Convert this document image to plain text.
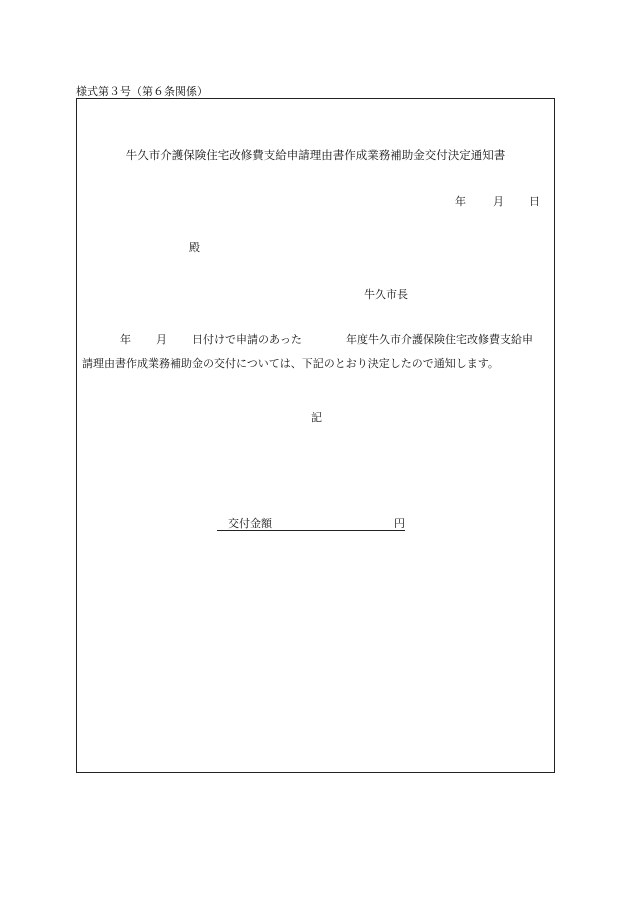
様式第３号（第６条関係）
牛久市介護保険住宅改修費支給申請理由書作成業務補助金交付決定通知書
年 月 日
殿
牛久市長
年 月 日付けで申請のあった	年度牛久市介護保険住宅改修費支給申
請理由書作成業務補助金の交付については、下記のとおり決定したので通知します。
記
交付金額	円
